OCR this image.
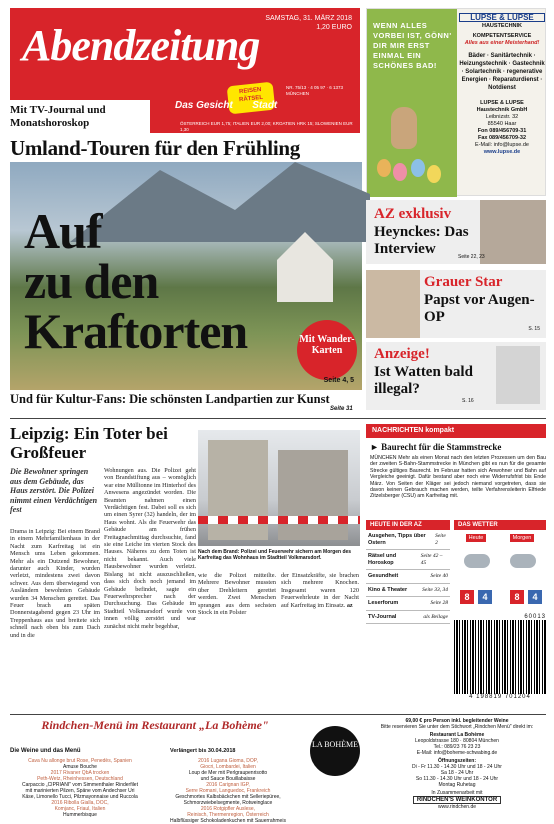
SAMSTAG, 31. MÄRZ 2018
1,20 EURO
Abendzeitung
REISEN RÄTSEL
NR. 75/13 · 4 05 97 · 6 1373 MÜNCHEN
Das Gesicht Stadt
Mit TV-Journal und
Monatshoroskop	ÖSTERREICH EUR 1,75; ITALIEN EUR 2,00; KROATIEN HRK 15; SLOWENIEN EUR 1,30
WENN ALLES VORBEI IST, GÖNN' DIR MIR ERST EINMAL EIN SCHÖNES BAD!
LUPSE & LUPSE
HAUSTECHNIK
KOMPETENTSERVICE
Alles aus einer Meisterhand!
Bäder · Sanitärtechnik · Heizungstechnik · Gastechnik · Solartechnik · regenerative Energien · Reparaturdienst · Notdienst
LUPSE & LUPSE
Haustechnik GmbH
Leibnizstr. 32
85540 Haar
Fon 089/456709-31
Fax 089/456709-32
E-Mail: info@lupse.de
www.lupse.de
Umland-Touren für den Frühling
Auf
zu den
Kraftorten	Mit Wander-Karten
Seite 4, 5
Und für Kultur-Fans: Die schönsten Landpartien zur Kunst
Seite 31
AZ exklusiv
Heynckes: Das Interview	Seite 22, 23
Grauer Star
Papst vor Augen-OP
S. 15
Anzeige!
Ist Watten bald illegal?
S. 16
Leipzig: Ein Toter bei Großfeuer
Die Bewohner springen aus dem Gebäude, das Haus zerstört. Die Polizei nimmt einen Verdächtigen fest
Drama in Leipzig: Bei einem Brand in einem Mehrfamilienhaus in der Nacht zum Karfreitag ist ein Mensch ums Leben gekommen. Mehr als ein Dutzend Bewohner, darunter auch Kinder, wurden verletzt, mindestens zwei davon schwer. Aus dem überwiegend von Ausländern bewohnten Gebäude wurden 34 Menschen gerettet. Das Feuer brach am späten Donnerstagabend gegen 23 Uhr im Treppenhaus aus und breitete sich schnell nach oben bis zum Dach und in die
Wohnungen aus. Die Polizei geht von Brandstiftung aus – womöglich war eine Mülltonne im Hinterhof des Anwesens angezündet worden. Die Beamten nahmen einen Verdächtigen fest. Dabei soll es sich um einen Syrer (32) handeln, der im Haus wohnt. Als die Feuerwehr das Gebäude am frühen Freitagnachmittag durchsuchte, fand sie eine Leiche im vierten Stock des Hauses. Näheres zu dem Toten ist nicht bekannt. Auch viele Hausbewohner wurden verletzt. Bislang ist nicht auszuschließen, dass sich doch noch jemand im Gebäude befindet, sagte ein Feuerwehrsprecher nach der Durchsuchung. Das Gebäude im Stadtteil Volkmarsdorf wurde von innen völlig zerstört und war zunächst nicht mehr begehbar,
Nach dem Brand: Polizei und Feuerwehr sichern am Morgen des Karfreitag das Wohnhaus im Stadtteil Volkmarsdorf.
wie die Polizei mitteilte. Mehrere Bewohner mussten über Drehleitern gerettet werden. Zwei Menschen sprangen aus dem sechsten Stock in ein Polster
der Einsatzkräfte, sie brachen sich mehrere Knochen. Insgesamt waren 120 Feuerwehrleute in der Nacht auf Karfreitag im Einsatz. az
NACHRICHTEN kompakt
► Baurecht für die Stammstrecke
MÜNCHEN Mehr als einen Monat nach den letzten Prozessen um den Bau der zweiten S-Bahn-Stammstrecke in München gibt es nun für die gesamte Strecke gültiges Baurecht. Im Februar hatten sich Anwohner und Bahn auf Vergleiche geeinigt. Dafür bestand aber noch eine Widerrufsfrist bis Ende März. Von Seiten der Kläger sei jedoch niemand vorgetreten, dass sie davon keinen Gebrauch machen werden, teilte Verfahrensleiterin Elfriede Zitzelsberger (CSU) am Karfreitag mit.
HEUTE IN DER AZ
Ausgehen, Tipps über Ostern
Seite 2
Rätsel und Horoskop
Seite 42 – 45
Gesundheit	Seite 40
Kino & Theater	Seite 33, 34
Leserforum	Seite 28
TV-Journal	als Beilage
DAS WETTER
Heute	Morgen
8	4	8	4
60013
4 198819 701204
Rindchen-Menü im Restaurant „La Bohème"
Die Weine und das Menü	Verlängert bis 30.04.2018
Cava Nu allonge brut Rose, Penedès, Spanien
Amuse Bouche
2017 Rivaner QbA trocken
Peth-Wetz, Rheinhessen, Deutschland
Carpaccio „CIPRIANI" vom Simmenthaler Rinderfilet
mit marinierten Pilzen, Späne vom Andechser Uri
Käse, Limonello Tucci, Pilzmayonnaise und Ruccola
2016 Ribolla Gialla, DOC,
Komjanc, Friaul, Italien
Hummerbisque
2016 Lugana Gioma, DOP,
Giocri, Lombardei, Italien
Loup de Mer mit Perlgraupenrisotto
und Sauce Bouillabaisse
2016 Carignan IGP,
Serre Romani, Languedoc, Frankreich
Geschmortes Kalbsbäckchen mit Selleriepüree,
Schmorzwiebelsegmente, Rotweinglace
2016 Rotgipfler Auslese,
Reinisch, Thermenregion, Österreich
Halbflüssiger Schokoladenkuchen mit Sauerrahmeis
LA BOHÈME
69,00 € pro Person inkl. begleitender Weine
Bitte reservieren Sie unter dem Stichwort „Rindchen Menü" direkt im:
Restaurant La Bohème
Leopoldstrasse 180 · 80804 München
Tel.: 089/23 76 23 23
E-Mail: info@boheme-schwabing.de
Öffnungszeiten:
Di - Fr 11.30 - 14.30 Uhr und 18 - 24 Uhr
Sa 18 - 24 Uhr
So 11.30 - 14.30 Uhr und 18 - 24 Uhr
Montag Ruhetag
In Zusammenarbeit mit
RINDCHEN'S WEINKONTOR
www.rindchen.de
